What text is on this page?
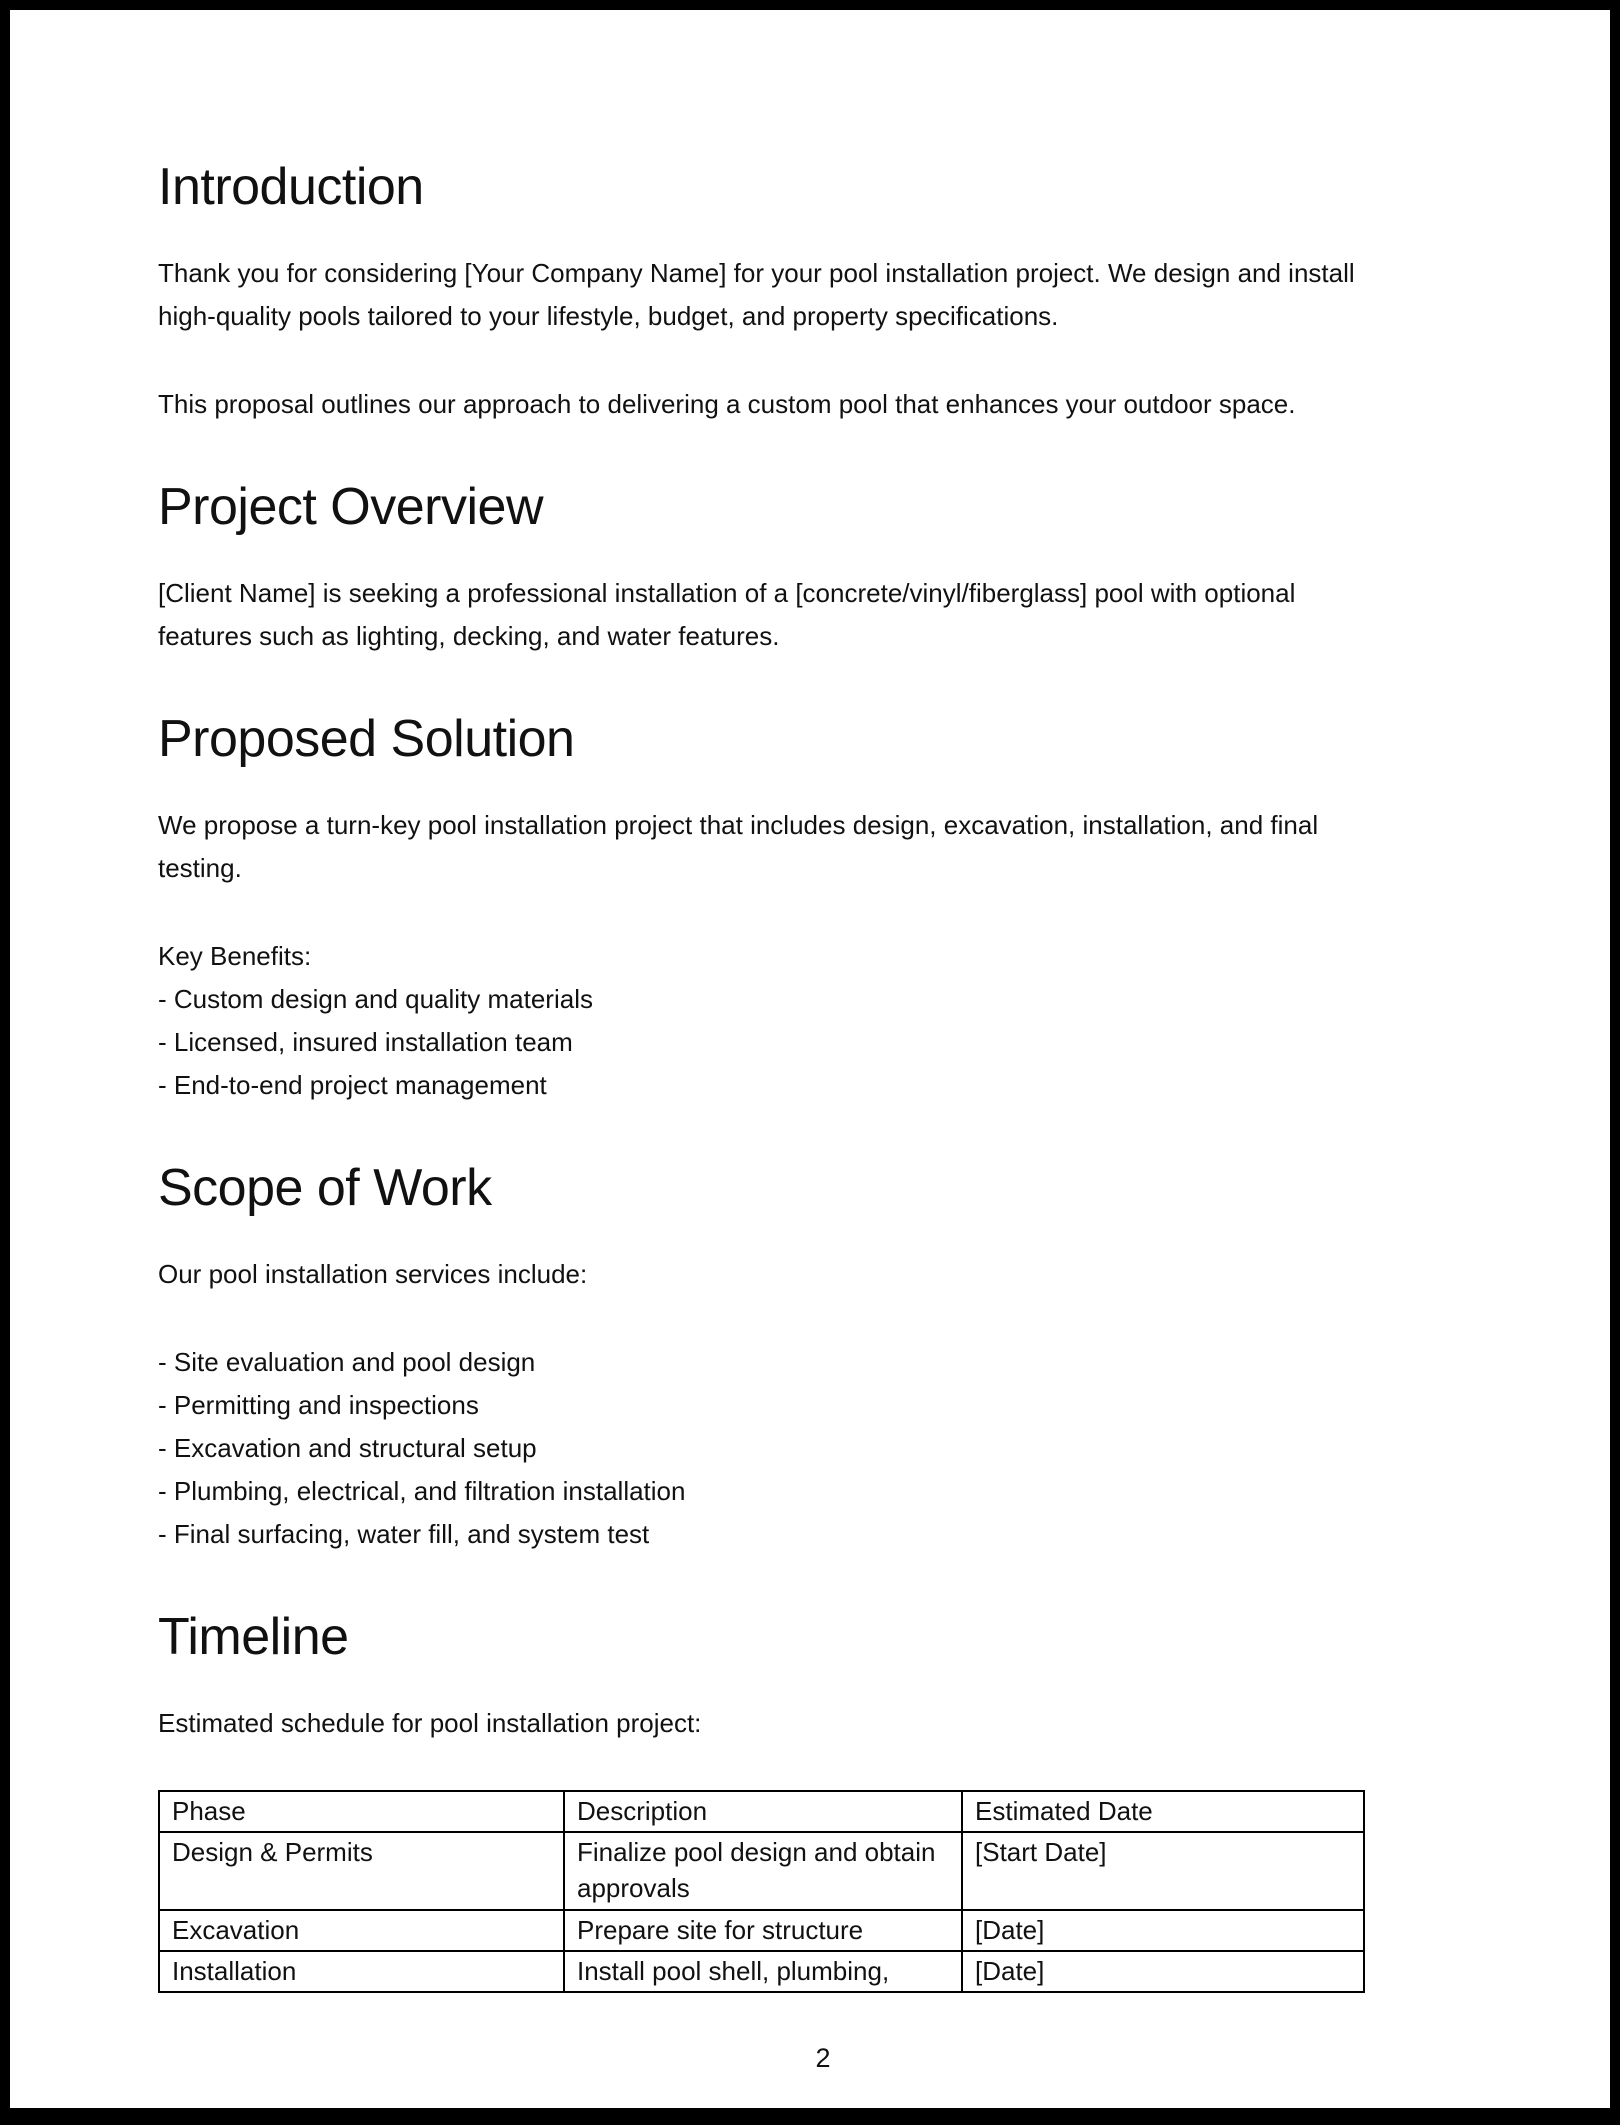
Introduction

Thank you for considering [Your Company Name] for your pool installation project. We design and install
high-quality pools tailored to your lifestyle, budget, and property specifications.

This proposal outlines our approach to delivering a custom pool that enhances your outdoor space.

Project Overview

[Client Name] is seeking a professional installation of a [concrete/vinyl/fiberglass] pool with optional
features such as lighting, decking, and water features.

Proposed Solution

We propose a turn-key pool installation project that includes design, excavation, installation, and final
testing.

Key Benefits:
- Custom design and quality materials
- Licensed, insured installation team
- End-to-end project management

Scope of Work

Our pool installation services include:

- Site evaluation and pool design
- Permitting and inspections
- Excavation and structural setup
- Plumbing, electrical, and filtration installation
- Final surfacing, water fill, and system test

Timeline

Estimated schedule for pool installation project:

Phase	Description	Estimated Date
Design & Permits	Finalize pool design and obtain approvals	[Start Date]
Excavation	Prepare site for structure	[Date]
Installation	Install pool shell, plumbing,	[Date]
2
